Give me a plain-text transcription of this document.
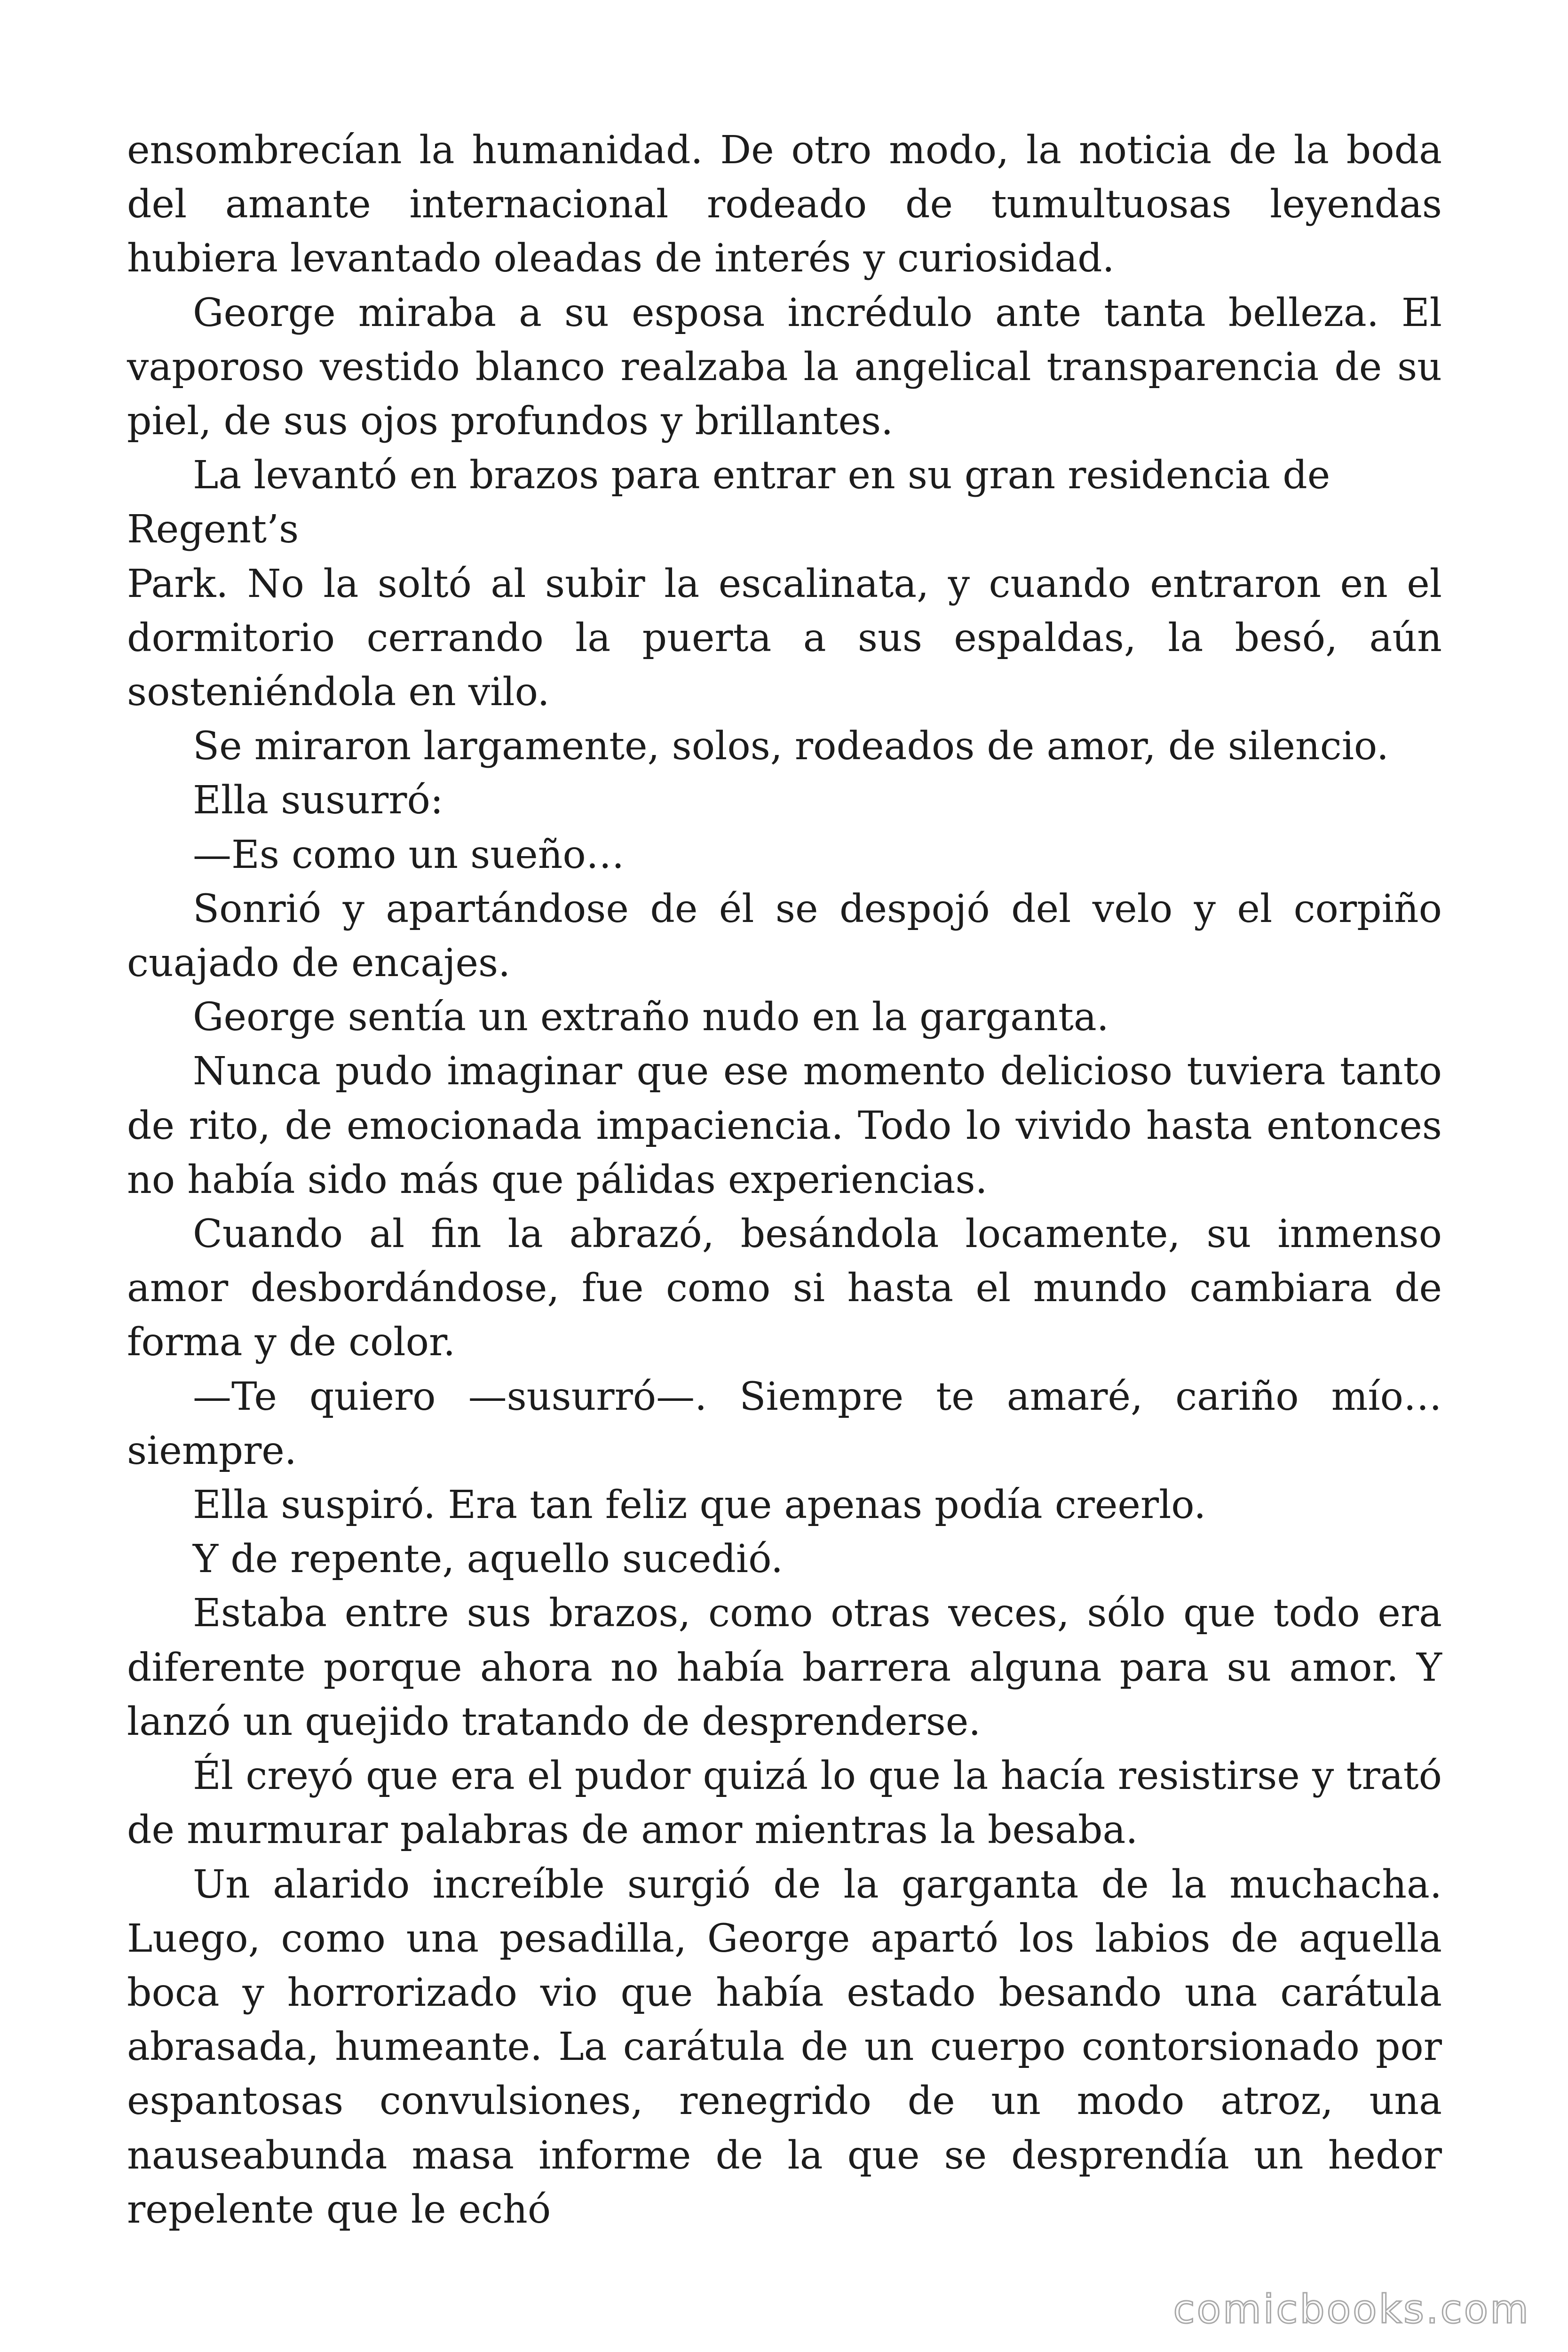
ensombrecían la humanidad. De otro modo, la noticia de la boda del amante internacional rodeado de tumultuosas leyendas hubiera levantado oleadas de interés y curiosidad.

George miraba a su esposa incrédulo ante tanta belleza. El vaporoso vestido blanco realzaba la angelical transparencia de su piel, de sus ojos profundos y brillantes.

La levantó en brazos para entrar en su gran residencia de

Regent’s

Park. No la soltó al subir la escalinata, y cuando entraron en el dormitorio cerrando la puerta a sus espaldas, la besó, aún sosteniéndola en vilo.

Se miraron largamente, solos, rodeados de amor, de silencio.

Ella susurró:

—Es como un sueño…

Sonrió y apartándose de él se despojó del velo y el corpiño cuajado de encajes.

George sentía un extraño nudo en la garganta.

Nunca pudo imaginar que ese momento delicioso tuviera tanto de rito, de emocionada impaciencia. Todo lo vivido hasta entonces no había sido más que pálidas experiencias.

Cuando al fin la abrazó, besándola locamente, su inmenso amor desbordándose, fue como si hasta el mundo cambiara de forma y de color.

—Te quiero —susurró—. Siempre te amaré, cariño mío… siempre.

Ella suspiró. Era tan feliz que apenas podía creerlo.

Y de repente, aquello sucedió.

Estaba entre sus brazos, como otras veces, sólo que todo era diferente porque ahora no había barrera alguna para su amor. Y lanzó un quejido tratando de desprenderse.

Él creyó que era el pudor quizá lo que la hacía resistirse y trató de murmurar palabras de amor mientras la besaba.

Un alarido increíble surgió de la garganta de la muchacha. Luego, como una pesadilla, George apartó los labios de aquella boca y horrorizado vio que había estado besando una carátula abrasada, humeante. La carátula de un cuerpo contorsionado por espantosas convulsiones, renegrido de un modo atroz, una nauseabunda masa informe de la que se desprendía un hedor repelente que le echó

comicbooks.com
